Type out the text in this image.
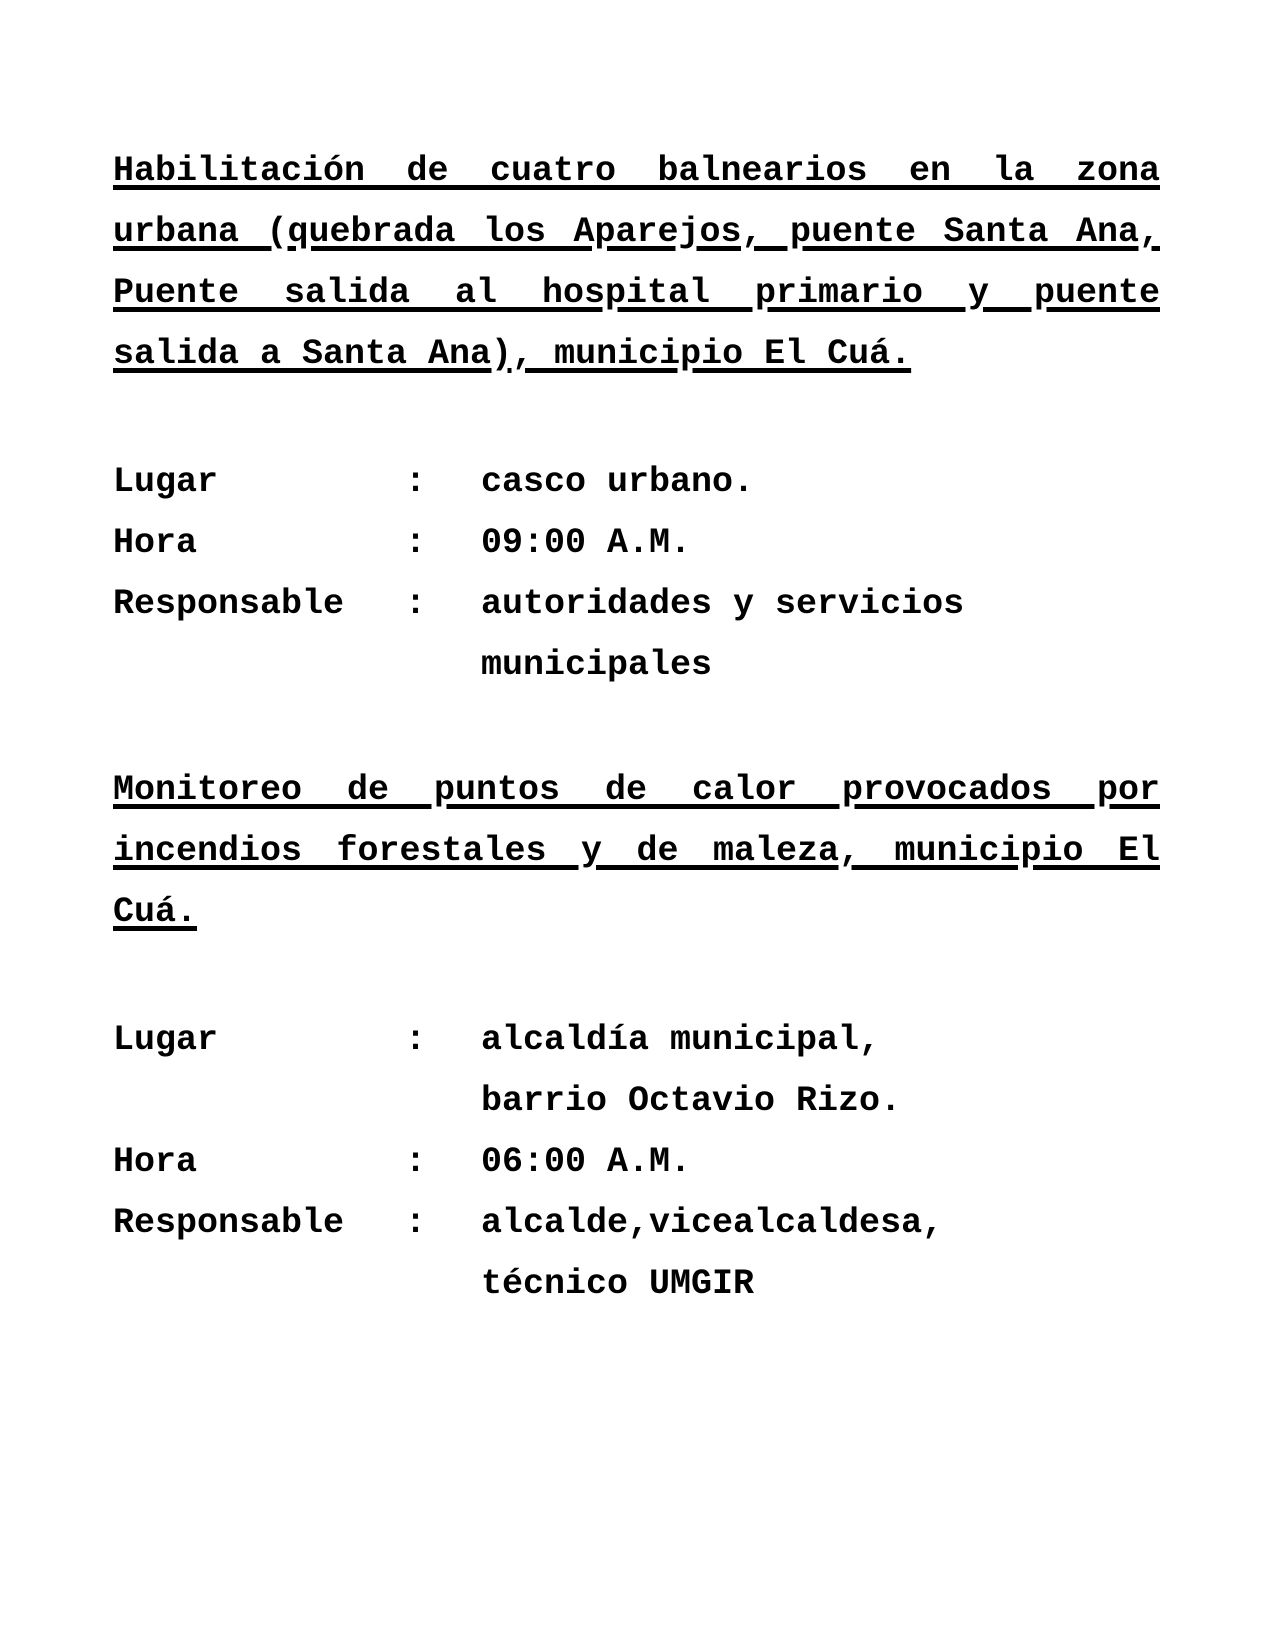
Habilitación de cuatro balnearios en la zona

urbana (quebrada los Aparejos, puente Santa Ana,

Puente salida al hospital primario y puente

salida a Santa Ana), municipio El Cuá.

Lugar	:	casco urbano.
Hora	:	09:00 A.M.
Responsable	:	autoridades y servicios
municipales

Monitoreo de puntos de calor provocados por

incendios forestales y de maleza, municipio El

Cuá.

Lugar	:	alcaldía municipal,
barrio Octavio Rizo.
Hora	:	06:00 A.M.
Responsable	:	alcalde,vicealcaldesa,
técnico UMGIR
